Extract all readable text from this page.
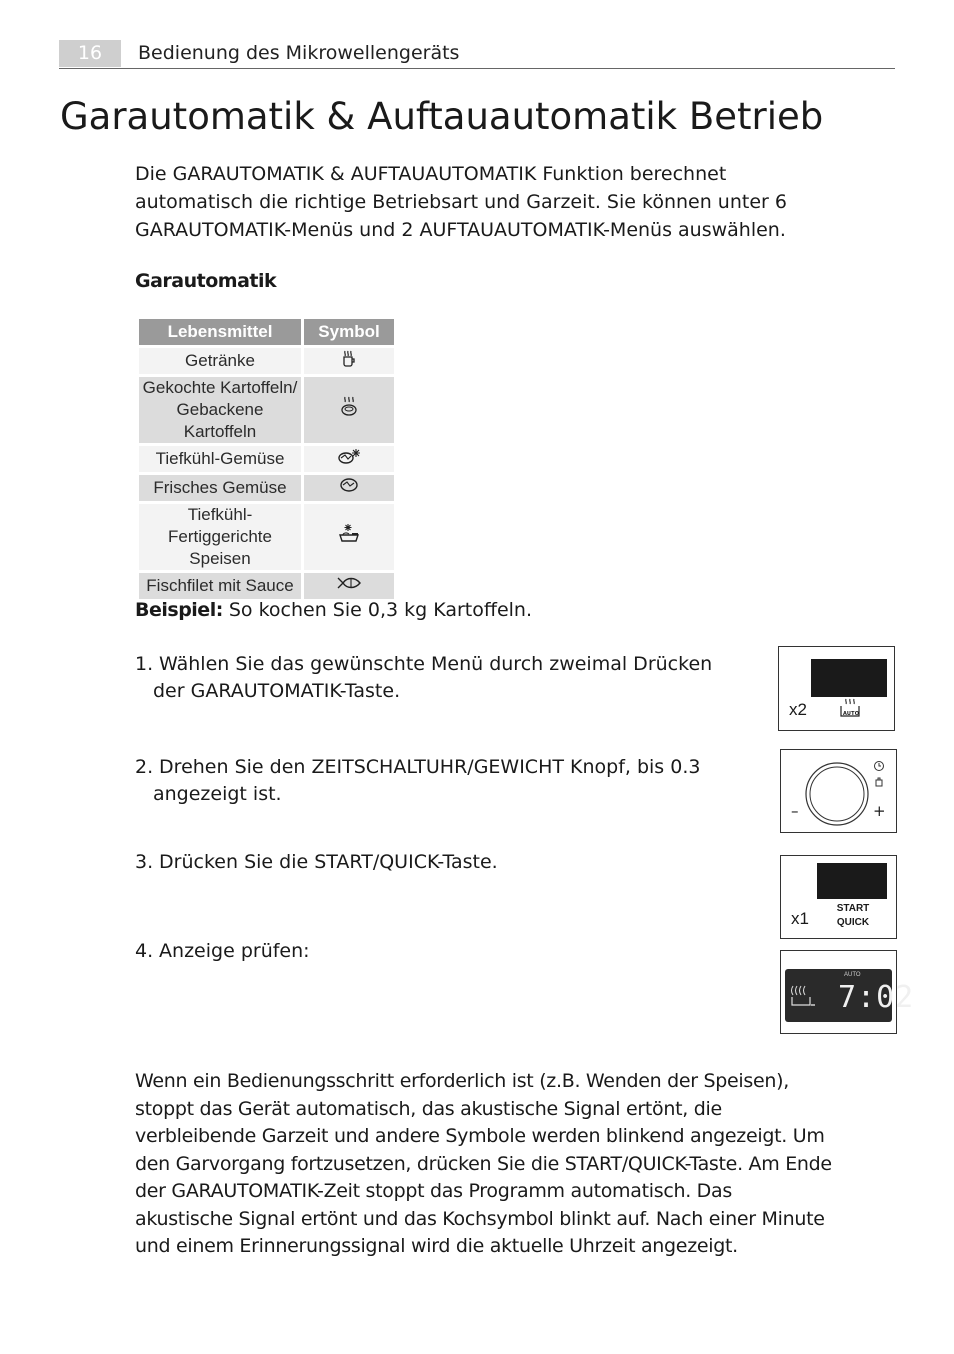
16	Bedienung des Mikrowellengeräts
Garautomatik & Auftauautomatik Betrieb
Die GARAUTOMATIK & AUFTAUAUTOMATIK Funktion berechnet automatisch die richtige Betriebsart und Garzeit. Sie können unter 6 GARAUTOMATIK-Menüs und 2 AUFTAUAUTOMATIK-Menüs auswählen.
Garautomatik
Lebensmittel	Symbol
Getränke	
Gekochte Kartoffeln/
Gebackene Kartoffeln	
Tiefkühl-Gemüse	
Frisches Gemüse	
Tiefkühl-
Fertiggerichte Speisen	
Fischfilet mit Sauce	
Beispiel: So kochen Sie 0,3 kg Kartoffeln.
1. Wählen Sie das gewünschte Menü durch zweimal Drücken
der GARAUTOMATIK-Taste.
2. Drehen Sie den ZEITSCHALTUHR/GEWICHT Knopf, bis 0.3
angezeigt ist.
3. Drücken Sie die START/QUICK-Taste.
4. Anzeige prüfen:
x2	AUTO
–	+
x1
START
QUICK
AUTO
7:02
Wenn ein Bedienungsschritt erforderlich ist (z.B. Wenden der Speisen), stoppt das Gerät automatisch, das akustische Signal ertönt, die verbleibende Garzeit und andere Symbole werden blinkend angezeigt. Um den Garvorgang fortzusetzen, drücken Sie die START/QUICK-Taste. Am Ende der GARAUTOMATIK-Zeit stoppt das Programm automatisch. Das akustische Signal ertönt und das Kochsymbol blinkt auf. Nach einer Minute und einem Erinnerungssignal wird die aktuelle Uhrzeit angezeigt.
